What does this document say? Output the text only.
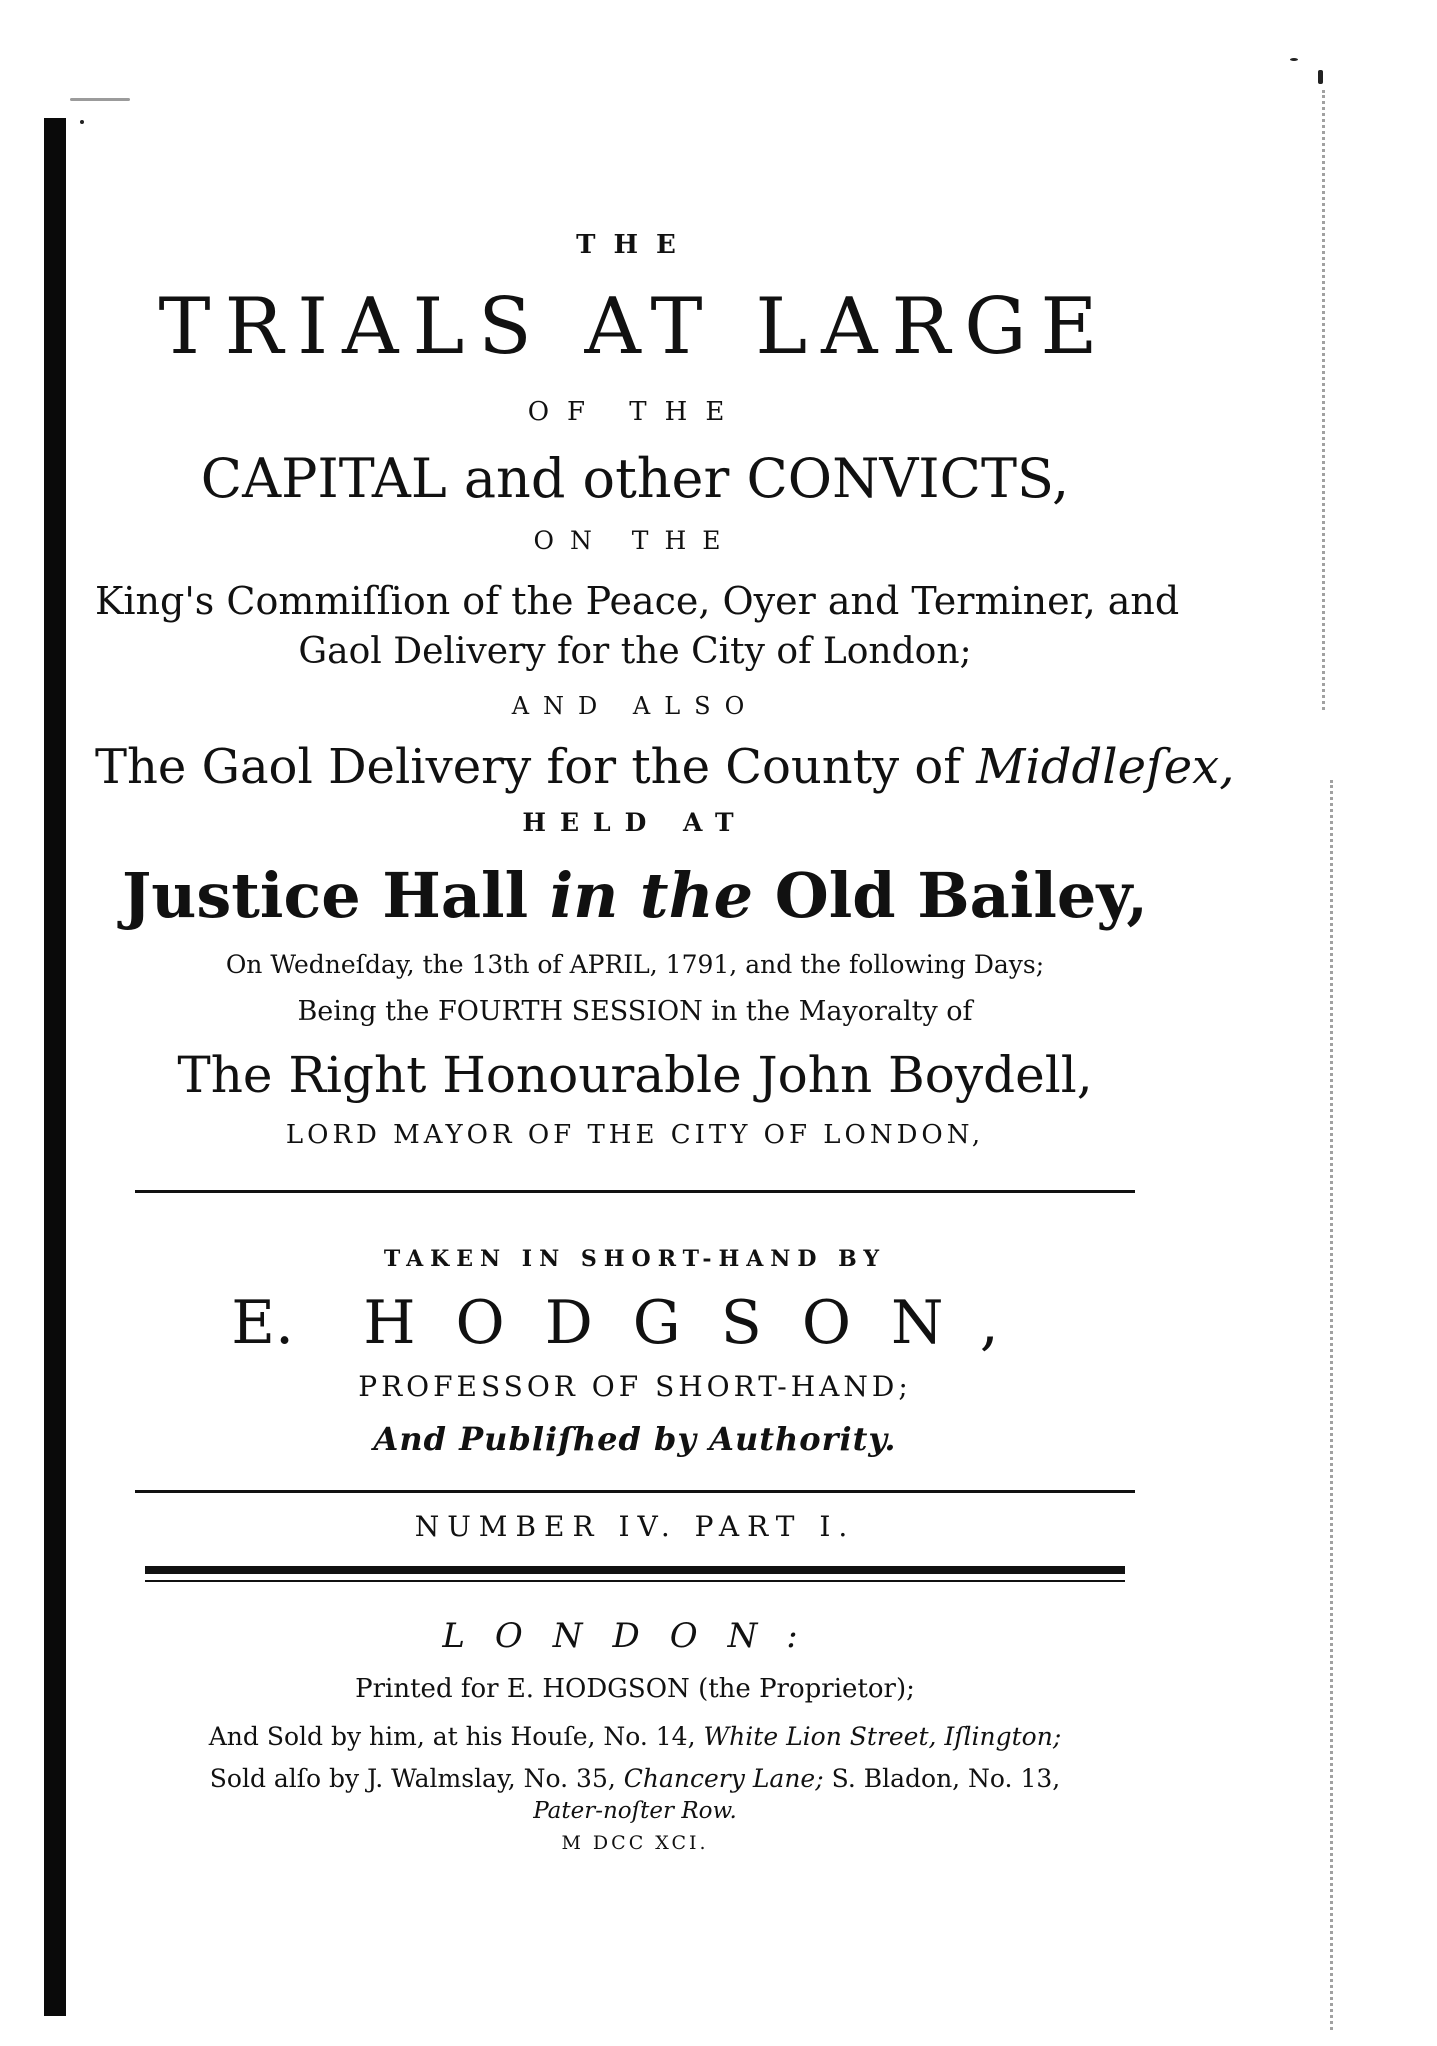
THE
TRIALS AT LARGE
OF THE
CAPITAL and other CONVICTS,
ON THE
King's Commiſſion of the Peace, Oyer and Terminer, and
Gaol Delivery for the City of London;
AND ALSO
The Gaol Delivery for the County of Middleſex,
HELD AT
Justice Hall in the Old Bailey,
On Wedneſday, the 13th of APRIL, 1791, and the following Days;
Being the FOURTH SESSION in the Mayoralty of
The Right Honourable John Boydell,
LORD MAYOR OF THE CITY OF LONDON,
TAKEN IN SHORT-HAND BY
E. HODGSON,
PROFESSOR OF SHORT-HAND;
And Publiſhed by Authority.
NUMBER IV. PART I.
LONDON:
Printed for E. HODGSON (the Proprietor);
And Sold by him, at his Houſe, No. 14, White Lion Street, Iſlington;
Sold alſo by J. Walmslay, No. 35, Chancery Lane; S. Bladon, No. 13,
Pater-noſter Row.
M DCC XCI.
